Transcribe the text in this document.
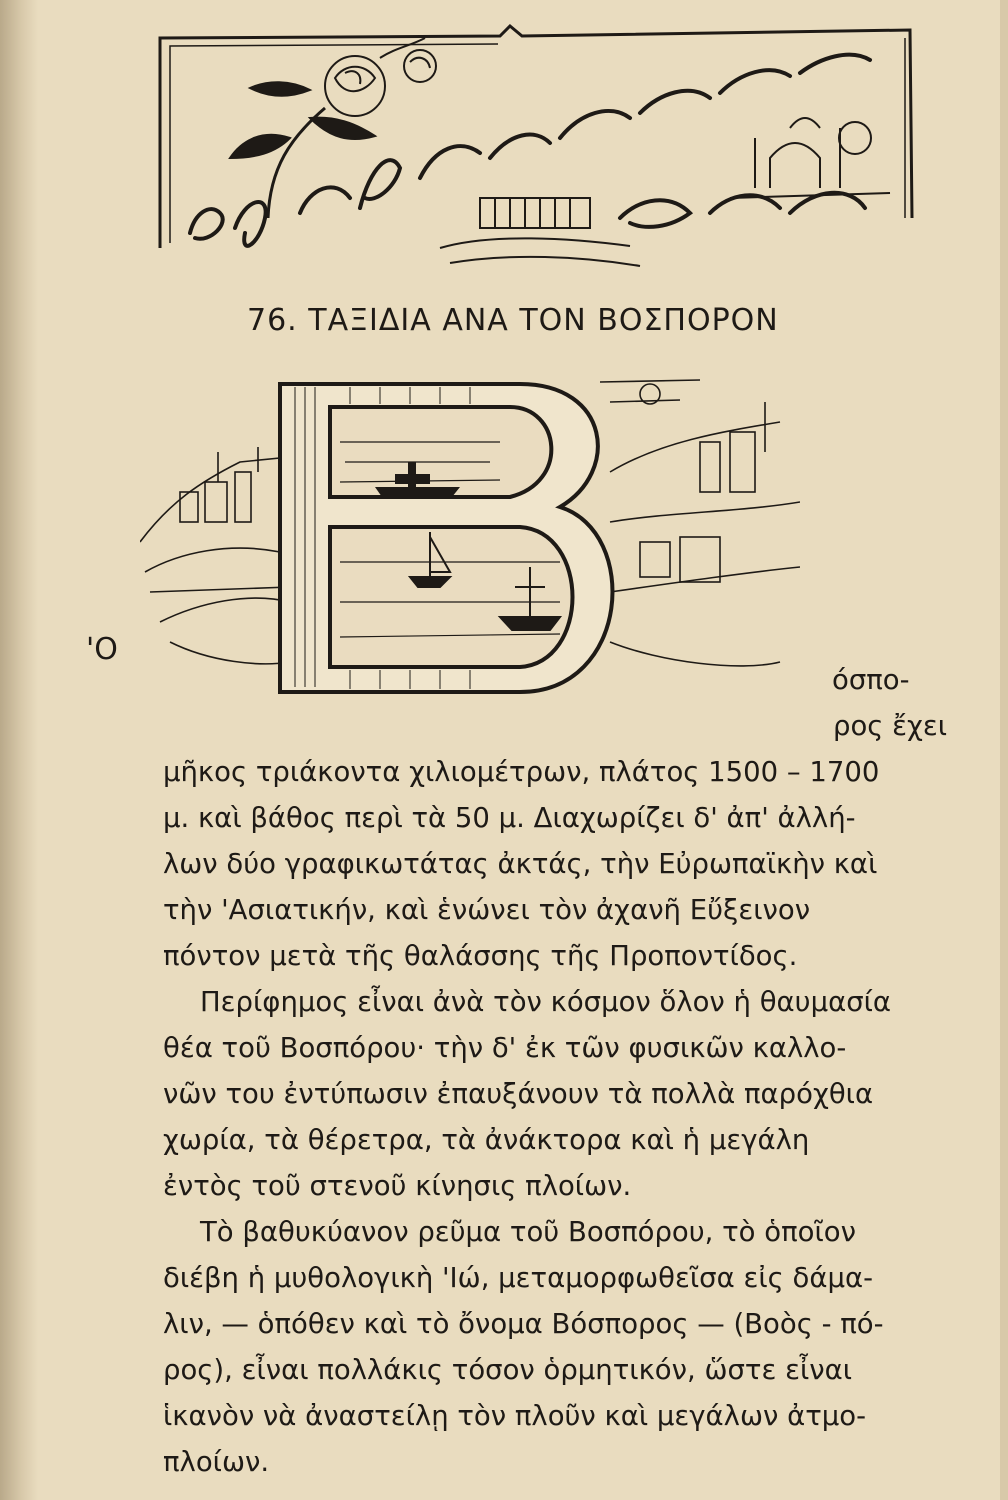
76. ΤΑΞΙΔΙΑ ΑΝΑ ΤΟΝ ΒΟΣΠΟΡΟΝ
'Ο
όσπο-
ρος ἔχει
μῆκος τριάκοντα χιλιομέτρων, πλάτος 1500 – 1700
μ. καὶ βάθος περὶ τὰ 50 μ. Διαχωρίζει δ' ἀπ' ἀλλή-
λων δύο γραφικωτάτας ἀκτάς, τὴν Εὐρωπαϊκὴν καὶ
τὴν 'Ασιατικήν, καὶ ἑνώνει τὸν ἀχανῆ Εὔξεινον
πόντον μετὰ τῆς θαλάσσης τῆς Προποντίδος.
Περίφημος εἶναι ἀνὰ τὸν κόσμον ὅλον ἡ θαυμασία
θέα τοῦ Βοσπόρου· τὴν δ' ἐκ τῶν φυσικῶν καλλο-
νῶν του ἐντύπωσιν ἐπαυξάνουν τὰ πολλὰ παρόχθια
χωρία, τὰ θέρετρα, τὰ ἀνάκτορα καὶ ἡ μεγάλη
ἐντὸς τοῦ στενοῦ κίνησις πλοίων.
Τὸ βαθυκύανον ρεῦμα τοῦ Βοσπόρου, τὸ ὁποῖον
διέβη ἡ μυθολογικὴ 'Ιώ, μεταμορφωθεῖσα εἰς δάμα-
λιν, — ὁπόθεν καὶ τὸ ὄνομα Βόσπορος — (Βοὸς - πό-
ρος), εἶναι πολλάκις τόσον ὁρμητικόν, ὥστε εἶναι
ἱκανὸν νὰ ἀναστείλῃ τὸν πλοῦν καὶ μεγάλων ἀτμο-
πλοίων.
